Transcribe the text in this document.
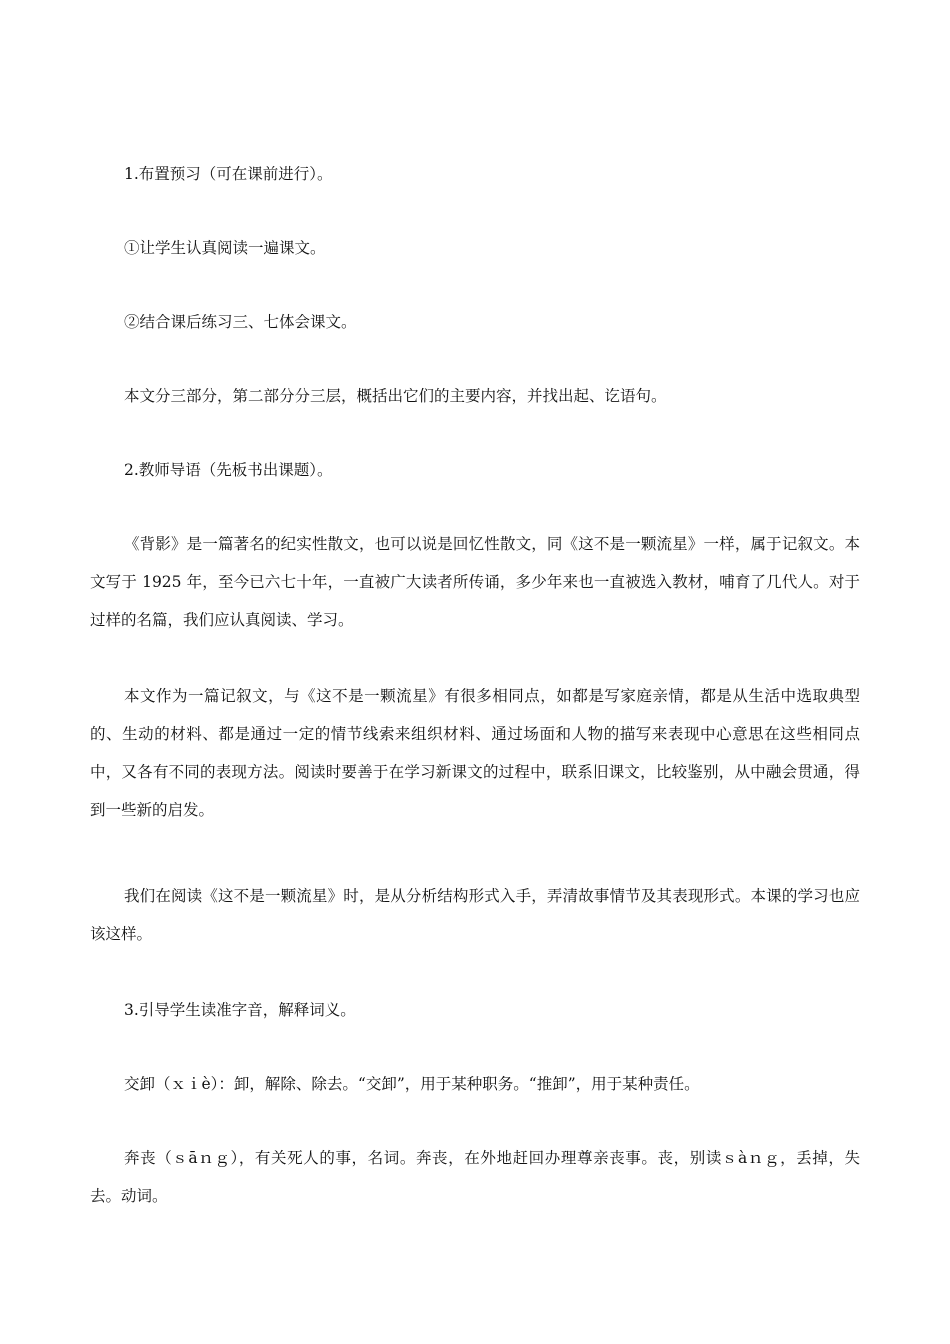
1.布置预习（可在课前进行）。

①让学生认真阅读一遍课文。

②结合课后练习三、七体会课文。

本文分三部分，第二部分分三层，概括出它们的主要内容，并找出起、讫语句。

2.教师导语（先板书出课题）。

《背影》是一篇著名的纪实性散文，也可以说是回忆性散文，同《这不是一颗流星》一样，属于记叙文。本文写于 1925 年，至今已六七十年，一直被广大读者所传诵，多少年来也一直被选入教材，哺育了几代人。对于过样的名篇，我们应认真阅读、学习。

本文作为一篇记叙文，与《这不是一颗流星》有很多相同点，如都是写家庭亲情，都是从生活中选取典型的、生动的材料、都是通过一定的情节线索来组织材料、通过场面和人物的描写来表现中心意思在这些相同点中，又各有不同的表现方法。阅读时要善于在学习新课文的过程中，联系旧课文，比较鉴别，从中融会贯通，得到一些新的启发。

我们在阅读《这不是一颗流星》时，是从分析结构形式入手，弄清故事情节及其表现形式。本课的学习也应该这样。

3.引导学生读准字音，解释词义。

交卸（ｘｉè）：卸，解除、除去。“交卸”，用于某种职务。“推卸”，用于某种责任。

奔丧（ｓāｎｇ），有关死人的事，名词。奔丧，在外地赶回办理尊亲丧事。丧，别读ｓàｎｇ，丢掉，失去。动词。
